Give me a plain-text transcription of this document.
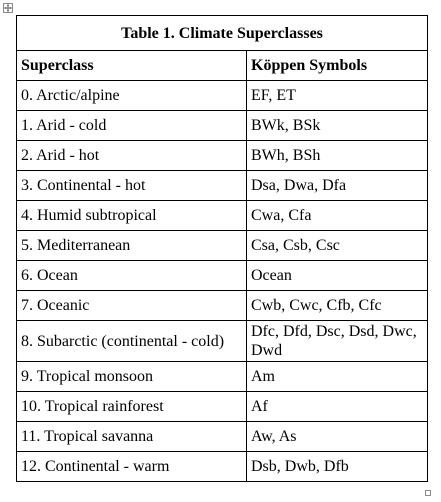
Table 1. Climate Superclasses	
Superclass	Köppen Symbols
0. Arctic/alpine	EF, ET
1. Arid - cold	BWk, BSk
2. Arid - hot	BWh, BSh
3. Continental - hot	Dsa, Dwa, Dfa
4. Humid subtropical	Cwa, Cfa
5. Mediterranean	Csa, Csb, Csc
6. Ocean	Ocean
7. Oceanic	Cwb, Cwc, Cfb, Cfc
8. Subarctic (continental - cold)	Dfc, Dfd, Dsc, Dsd, Dwc, Dwd
9. Tropical monsoon	Am
10. Tropical rainforest	Af
11. Tropical savanna	Aw, As
12. Continental - warm	Dsb, Dwb, Dfb
